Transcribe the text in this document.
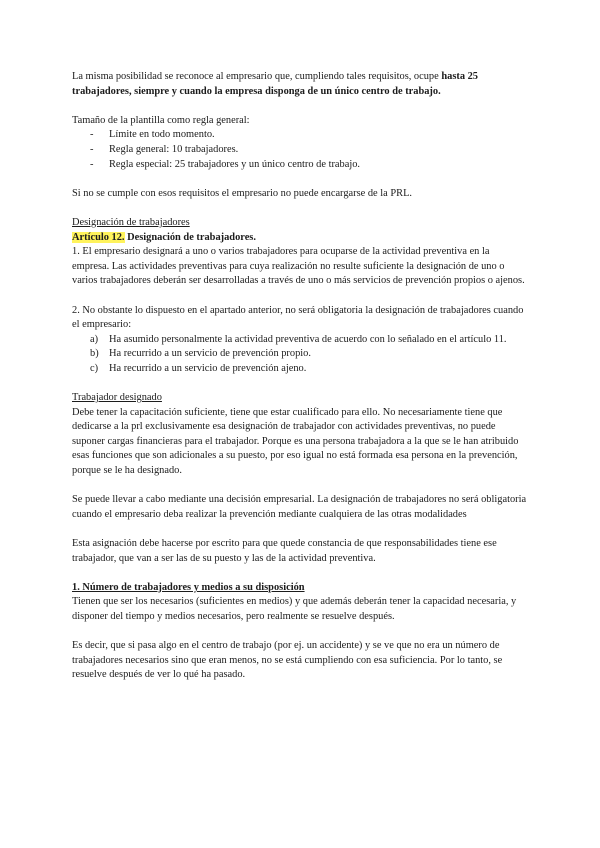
La misma posibilidad se reconoce al empresario que, cumpliendo tales requisitos, ocupe hasta 25 trabajadores, siempre y cuando la empresa disponga de un único centro de trabajo.

Tamaño de la plantilla como regla general:

- Límite en todo momento.
- Regla general: 10 trabajadores.
- Regla especial: 25 trabajadores y un único centro de trabajo.

Si no se cumple con esos requisitos el empresario no puede encargarse de la PRL.

Designación de trabajadores

Artículo 12. Designación de trabajadores.

1. El empresario designará a uno o varios trabajadores para ocuparse de la actividad preventiva en la empresa. Las actividades preventivas para cuya realización no resulte suficiente la designación de uno o varios trabajadores deberán ser desarrolladas a través de uno o más servicios de prevención propios o ajenos.

2. No obstante lo dispuesto en el apartado anterior, no será obligatoria la designación de trabajadores cuando el empresario:

a) Ha asumido personalmente la actividad preventiva de acuerdo con lo señalado en el artículo 11.
b) Ha recurrido a un servicio de prevención propio.
c) Ha recurrido a un servicio de prevención ajeno.

Trabajador designado

Debe tener la capacitación suficiente, tiene que estar cualificado para ello. No necesariamente tiene que dedicarse a la prl exclusivamente esa designación de trabajador con actividades preventivas, no puede suponer cargas financieras para el trabajador. Porque es una persona trabajadora a la que se le han atribuido esas funciones que son adicionales a su puesto, por eso igual no está formada esa persona en la prevención, porque se le ha designado.

Se puede llevar a cabo mediante una decisión empresarial. La designación de trabajadores no será obligatoria cuando el empresario deba realizar la prevención mediante cualquiera de las otras modalidades

Esta asignación debe hacerse por escrito para que quede constancia de que responsabilidades tiene ese trabajador, que van a ser las de su puesto y las de la actividad preventiva.

1. Número de trabajadores y medios a su disposición

Tienen que ser los necesarios (suficientes en medios) y que además deberán tener la capacidad necesaria, y disponer del tiempo y medios necesarios, pero realmente se resuelve después.

Es decir, que si pasa algo en el centro de trabajo (por ej. un accidente) y se ve que no era un número de trabajadores necesarios sino que eran menos, no se está cumpliendo con esa suficiencia. Por lo tanto, se resuelve después de ver lo qué ha pasado.
